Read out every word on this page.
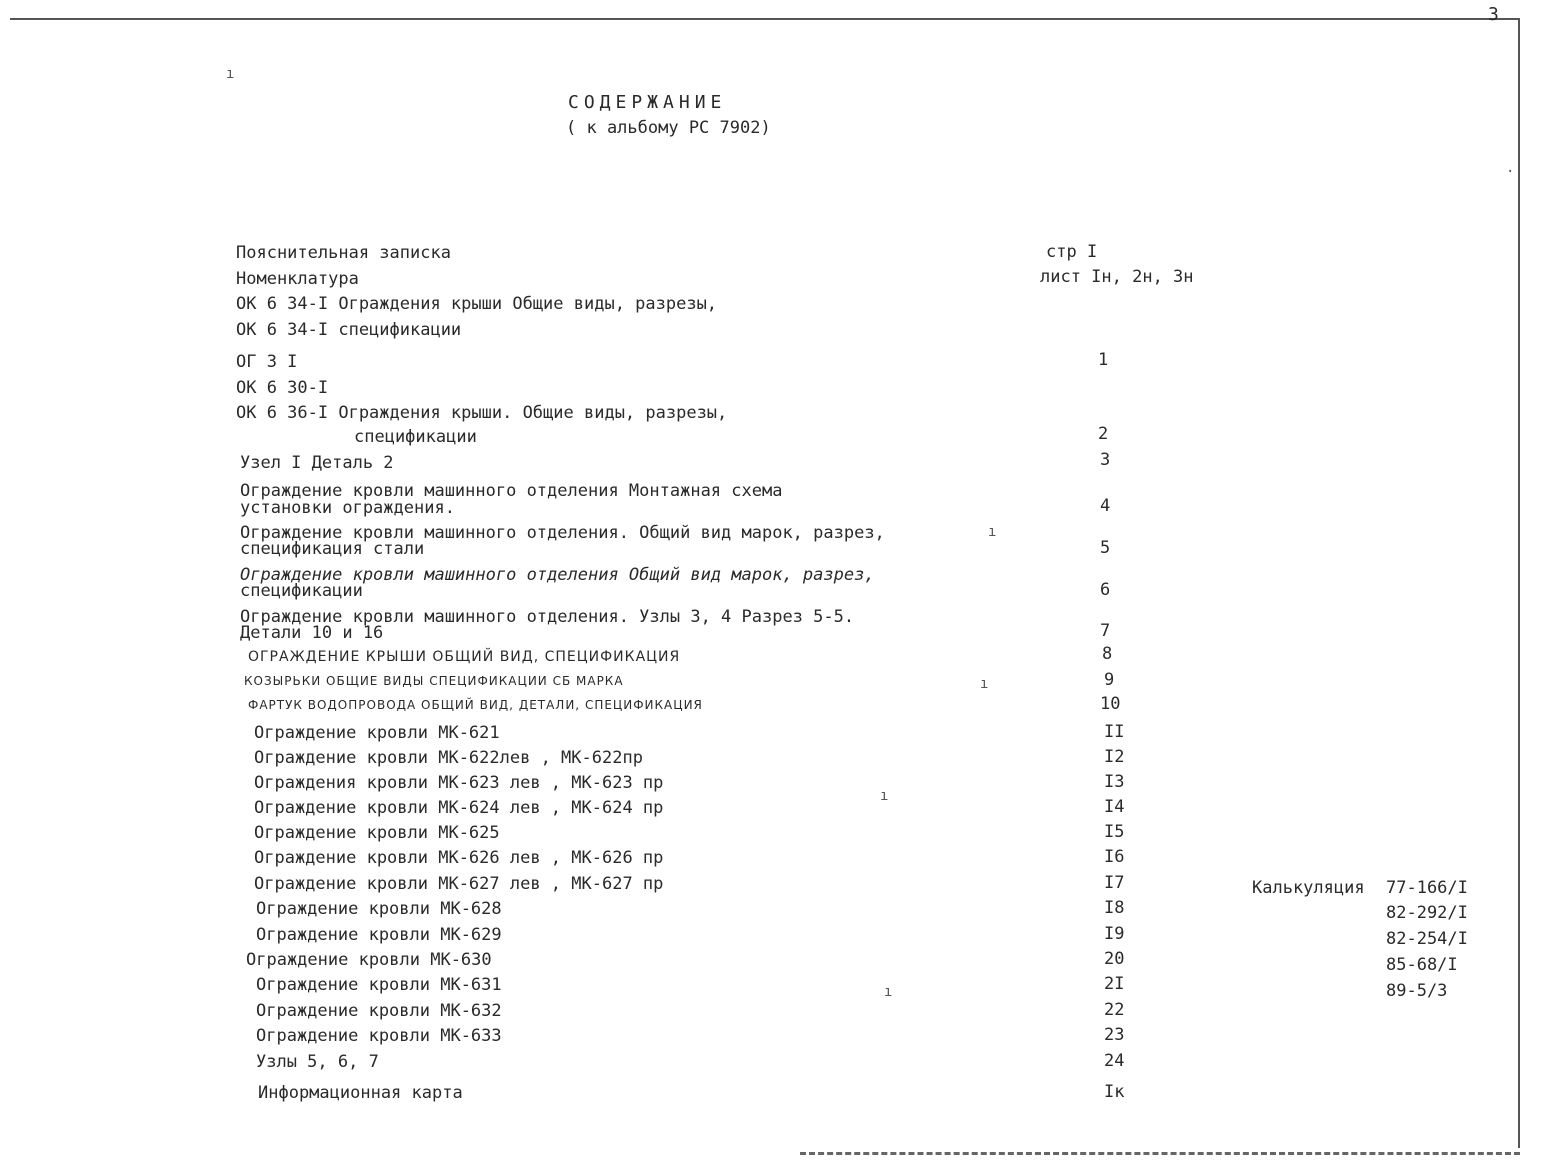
3
СОДЕРЖАНИЕ
( к альбому РС 7902)
Пояснительная записка	стр I
Номенклатура	лист Iн, 2н, 3н
ОК 6 34-I Ограждения крыши Общие виды, разрезы,
ОК 6 34-I спецификации
ОГ 3 I	1
ОК 6 30-I
ОК 6 36-I Ограждения крыши. Общие виды, разрезы,
спецификации	2
Узел I Деталь 2	3
Ограждение кровли машинного отделения Монтажная схема
установки ограждения.	4
Ограждение кровли машинного отделения. Общий вид марок, разрез,
спецификация стали	5
Ограждение кровли машинного отделения Общий вид марок, разрез,
спецификации	6
Ограждение кровли машинного отделения. Узлы 3, 4 Разрез 5-5.
Детали 10 и 16	7
ОГРАЖДЕНИЕ КРЫШИ ОБЩИЙ ВИД, СПЕЦИФИКАЦИЯ	8
КОЗЫРЬКИ ОБЩИЕ ВИДЫ СПЕЦИФИКАЦИИ СБ МАРКА	9
ФАРТУК ВОДОПРОВОДА ОБЩИЙ ВИД, ДЕТАЛИ, СПЕЦИФИКАЦИЯ	10
Ограждение кровли МК-621	II
Ограждение кровли МК-622лев , МК-622пр	I2
Ограждения кровли МК-623 лев , МК-623 пр	I3
Ограждение кровли МК-624 лев , МК-624 пр	I4
Ограждение кровли МК-625	I5
Ограждение кровли МК-626 лев , МК-626 пр	I6
Ограждение кровли МК-627 лев , МК-627 пр	I7
Ограждение кровли МК-628	I8
Ограждение кровли МК-629	I9
Ограждение кровли МК-630	20
Ограждение кровли МК-631	2I
Ограждение кровли МК-632	22
Ограждение кровли МК-633	23
Узлы 5, 6, 7	24
Информационная карта	Iк
Калькуляция 77-166/I
82-292/I
82-254/I
85-68/I
89-5/3
ı
ı
ı
ı
ı
·
